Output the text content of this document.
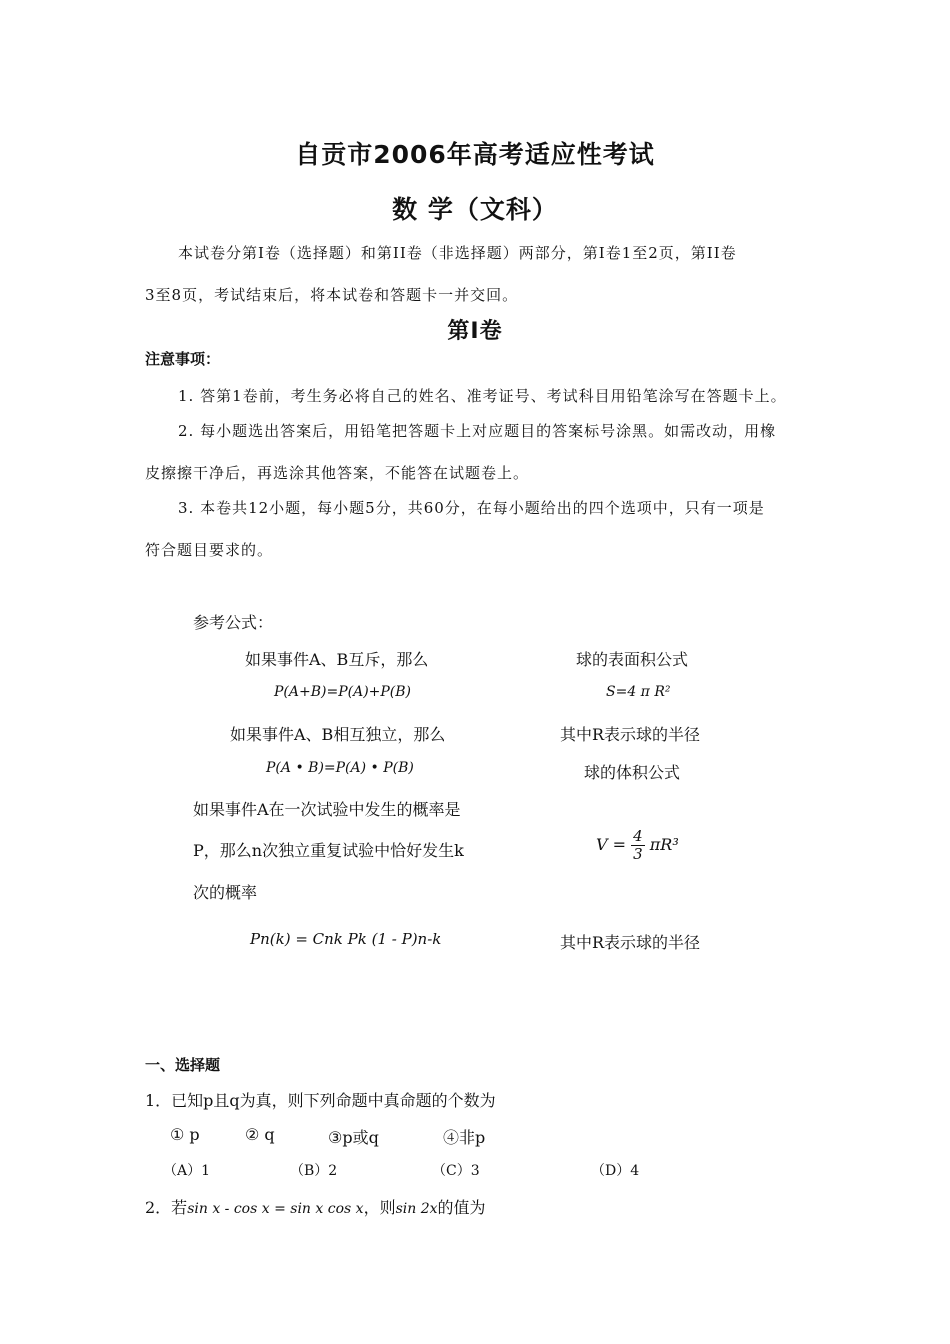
自贡市2006年高考适应性考试
数 学（文科）
本试卷分第Ⅰ卷（选择题）和第II卷（非选择题）两部分，第Ⅰ卷1至2页，第II卷
3至8页，考试结束后，将本试卷和答题卡一并交回。
第Ⅰ卷
注意事项：
1. 答第1卷前，考生务必将自己的姓名、准考证号、考试科目用铅笔涂写在答题卡上。
2. 每小题选出答案后，用铅笔把答题卡上对应题目的答案标号涂黑。如需改动，用橡
皮擦擦干净后，再选涂其他答案，不能答在试题卷上。
3. 本卷共12小题，每小题5分，共60分，在每小题给出的四个选项中，只有一项是
符合题目要求的。
参考公式：
如果事件A、B互斥，那么
P(A+B)=P(A)+P(B)
如果事件A、B相互独立，那么
P(A • B)=P(A) • P(B)
如果事件A在一次试验中发生的概率是
P，那么n次独立重复试验中恰好发生k
次的概率
Pn(k) = Cnk Pk (1 - P)n-k
球的表面积公式
S=4 π R²
其中R表示球的半径
球的体积公式
$V = \frac{4}{3} \pi R^3$
其中R表示球的半径
一、选择题
1．已知p且q为真，则下列命题中真命题的个数为
① p	② q	③p或q	④非p
（A）1	（B）2	（C）3	（D）4
2．若sin x - cos x = sin x cos x，则sin 2x的值为
